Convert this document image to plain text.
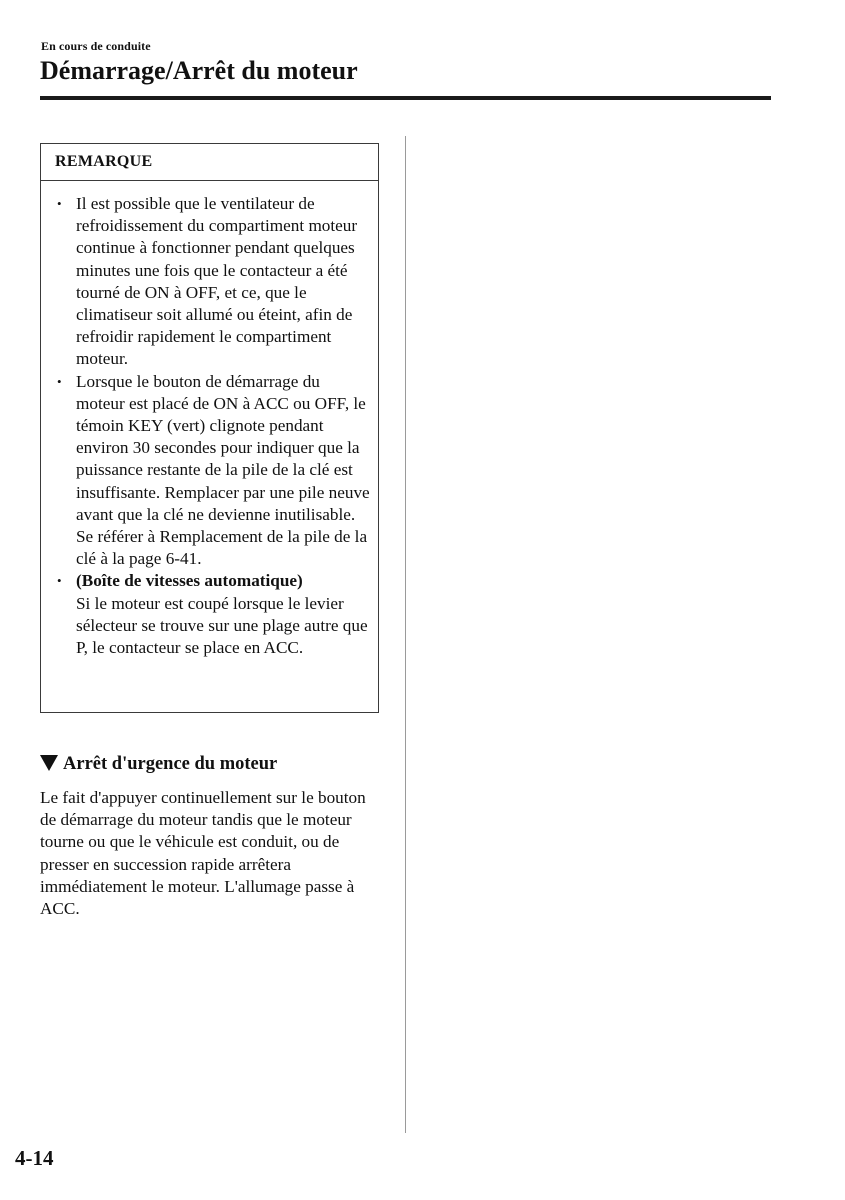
En cours de conduite
Démarrage/Arrêt du moteur
REMARQUE
• Il est possible que le ventilateur de refroidissement du compartiment moteur continue à fonctionner pendant quelques minutes une fois que le contacteur a été tourné de ON à OFF, et ce, que le climatiseur soit allumé ou éteint, afin de refroidir rapidement le compartiment moteur.
• Lorsque le bouton de démarrage du moteur est placé de ON à ACC ou OFF, le témoin KEY (vert) clignote pendant environ 30 secondes pour indiquer que la puissance restante de la pile de la clé est insuffisante. Remplacer par une pile neuve avant que la clé ne devienne inutilisable. Se référer à Remplacement de la pile de la clé à la page 6-41.
• (Boîte de vitesses automatique)
Si le moteur est coupé lorsque le levier sélecteur se trouve sur une plage autre que P, le contacteur se place en ACC.
Arrêt d'urgence du moteur

Le fait d'appuyer continuellement sur le bouton de démarrage du moteur tandis que le moteur tourne ou que le véhicule est conduit, ou de presser en succession rapide arrêtera immédiatement le moteur. L'allumage passe à ACC.

4-14
